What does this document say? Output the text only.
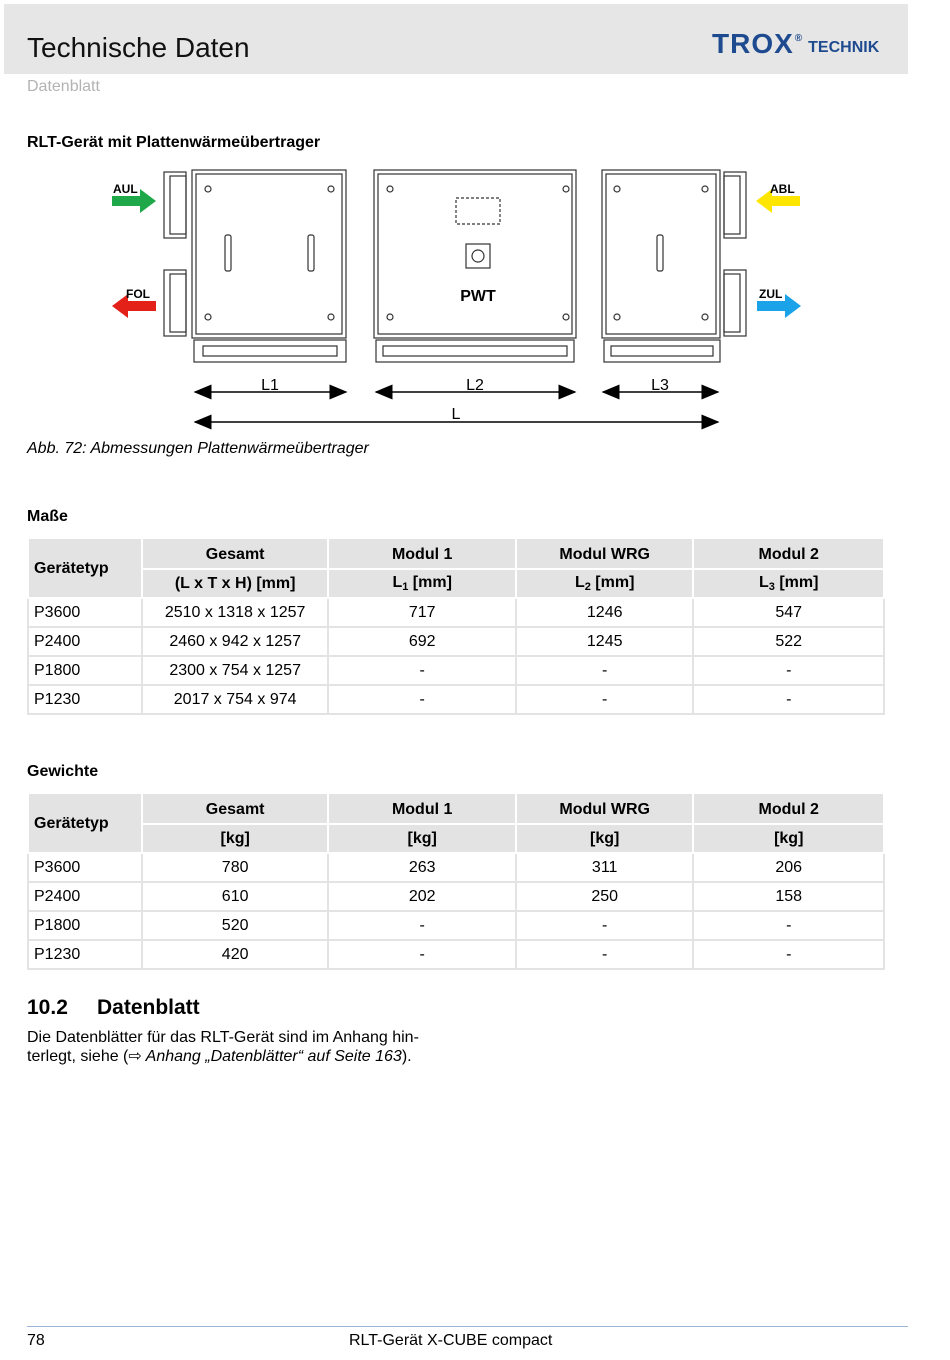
Technische Daten
Datenblatt
TROX ®
TECHNIK
RLT-Gerät mit Plattenwärmeübertrager
AUL
FOL
ABL
ZUL
PWT
L1	L2	L3
L
Abb. 72: Abmessungen Plattenwärmeübertrager
Maße
Gerätetyp	Gesamt	Modul 1	Modul WRG	Modul 2
	(L x T x H) [mm]	$L_1$ [mm]	$L_2$ [mm]	$L_3$ [mm]
P3600	2510 x 1318 x 1257	717	1246	547
P2400	2460 x 942 x 1257	692	1245	522
P1800	2300 x 754 x 1257	-	-	-
P1230	2017 x 754 x 974	-	-	-
Gewichte
Gerätetyp	Gesamt	Modul 1	Modul WRG	Modul 2
	[kg]	[kg]	[kg]	[kg]
P3600	780	263	311	206
P2400	610	202	250	158
P1800	520	-	-	-
P1230	420	-	-	-
10.2 Datenblatt
Die Datenblätter für das RLT-Gerät sind im Anhang hin-
terlegt, siehe (⇨ Anhang „Datenblätter“ auf Seite 163).
78	RLT-Gerät X-CUBE compact
